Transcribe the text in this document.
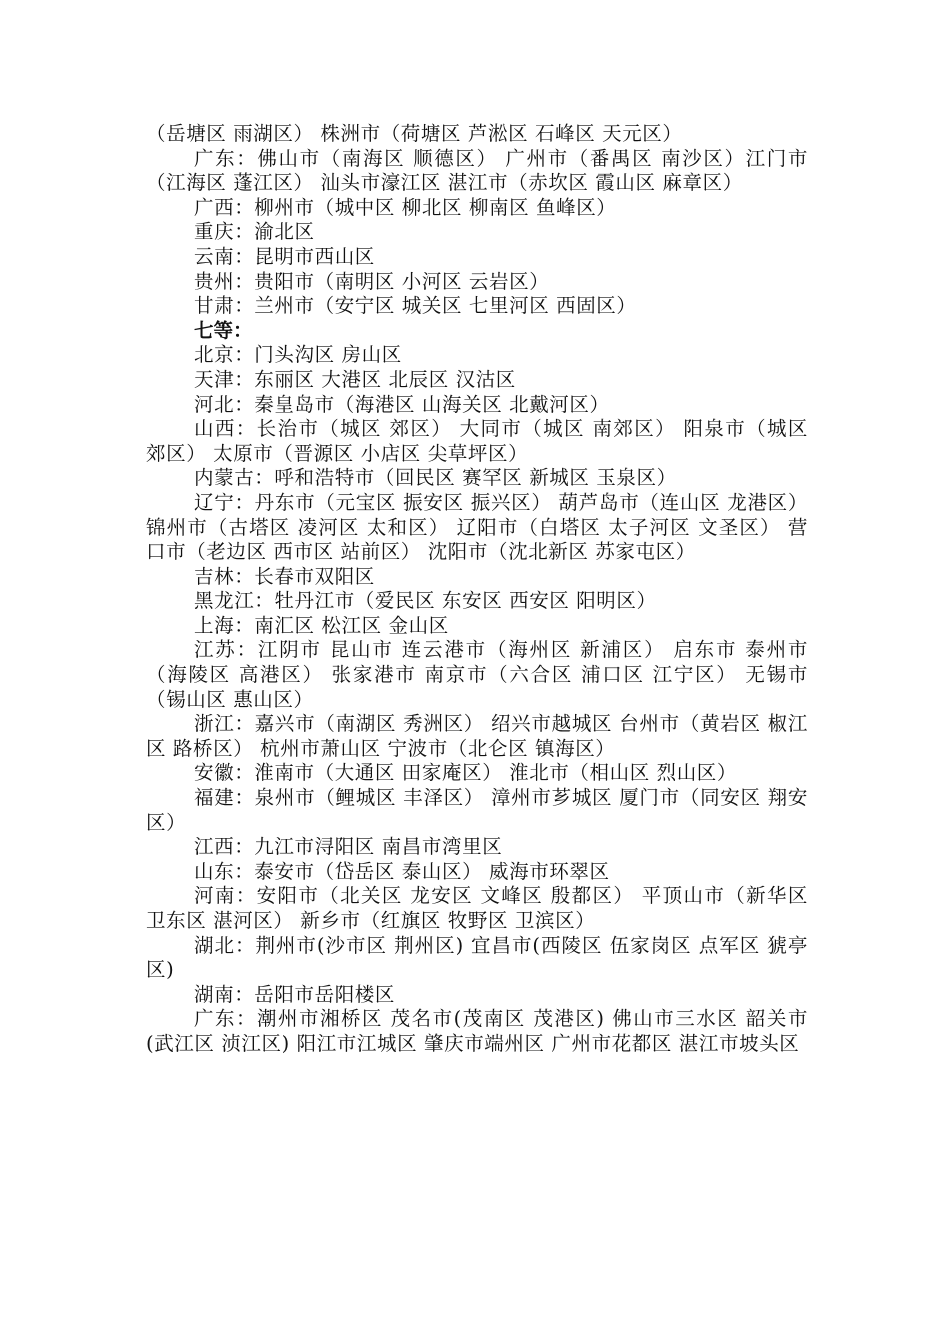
（岳塘区 雨湖区） 株洲市（荷塘区 芦淞区 石峰区 天元区）

广东：佛山市（南海区 顺德区） 广州市（番禺区 南沙区）江门市（江海区 蓬江区） 汕头市濠江区 湛江市（赤坎区 霞山区 麻章区）

广西：柳州市（城中区 柳北区 柳南区 鱼峰区）

重庆：渝北区

云南：昆明市西山区

贵州：贵阳市（南明区 小河区 云岩区）

甘肃：兰州市（安宁区 城关区 七里河区 西固区）

七等：

北京：门头沟区 房山区

天津：东丽区 大港区 北辰区 汉沽区

河北：秦皇岛市（海港区 山海关区 北戴河区）

山西：长治市（城区 郊区） 大同市（城区 南郊区） 阳泉市（城区 郊区） 太原市（晋源区 小店区 尖草坪区）

内蒙古：呼和浩特市（回民区 赛罕区 新城区 玉泉区）

辽宁：丹东市（元宝区 振安区 振兴区） 葫芦岛市（连山区 龙港区） 锦州市（古塔区 凌河区 太和区） 辽阳市（白塔区 太子河区 文圣区） 营口市（老边区 西市区 站前区） 沈阳市（沈北新区 苏家屯区）

吉林：长春市双阳区

黑龙江：牡丹江市（爱民区 东安区 西安区 阳明区）

上海：南汇区 松江区 金山区

江苏：江阴市 昆山市 连云港市（海州区 新浦区） 启东市 泰州市（海陵区 高港区） 张家港市 南京市（六合区 浦口区 江宁区） 无锡市（锡山区 惠山区）

浙江：嘉兴市（南湖区 秀洲区） 绍兴市越城区 台州市（黄岩区 椒江区 路桥区） 杭州市萧山区 宁波市（北仑区 镇海区）

安徽：淮南市（大通区 田家庵区） 淮北市（相山区 烈山区）

福建：泉州市（鲤城区 丰泽区） 漳州市芗城区 厦门市（同安区 翔安区）

江西：九江市浔阳区 南昌市湾里区

山东：泰安市（岱岳区 泰山区） 威海市环翠区

河南：安阳市（北关区 龙安区 文峰区 殷都区） 平顶山市（新华区 卫东区 湛河区） 新乡市（红旗区 牧野区 卫滨区）

湖北：荆州市(沙市区 荆州区) 宜昌市(西陵区 伍家岗区 点军区 猇亭区)

湖南：岳阳市岳阳楼区

广东：潮州市湘桥区 茂名市(茂南区 茂港区) 佛山市三水区 韶关市(武江区 浈江区) 阳江市江城区 肇庆市端州区 广州市花都区 湛江市坡头区
